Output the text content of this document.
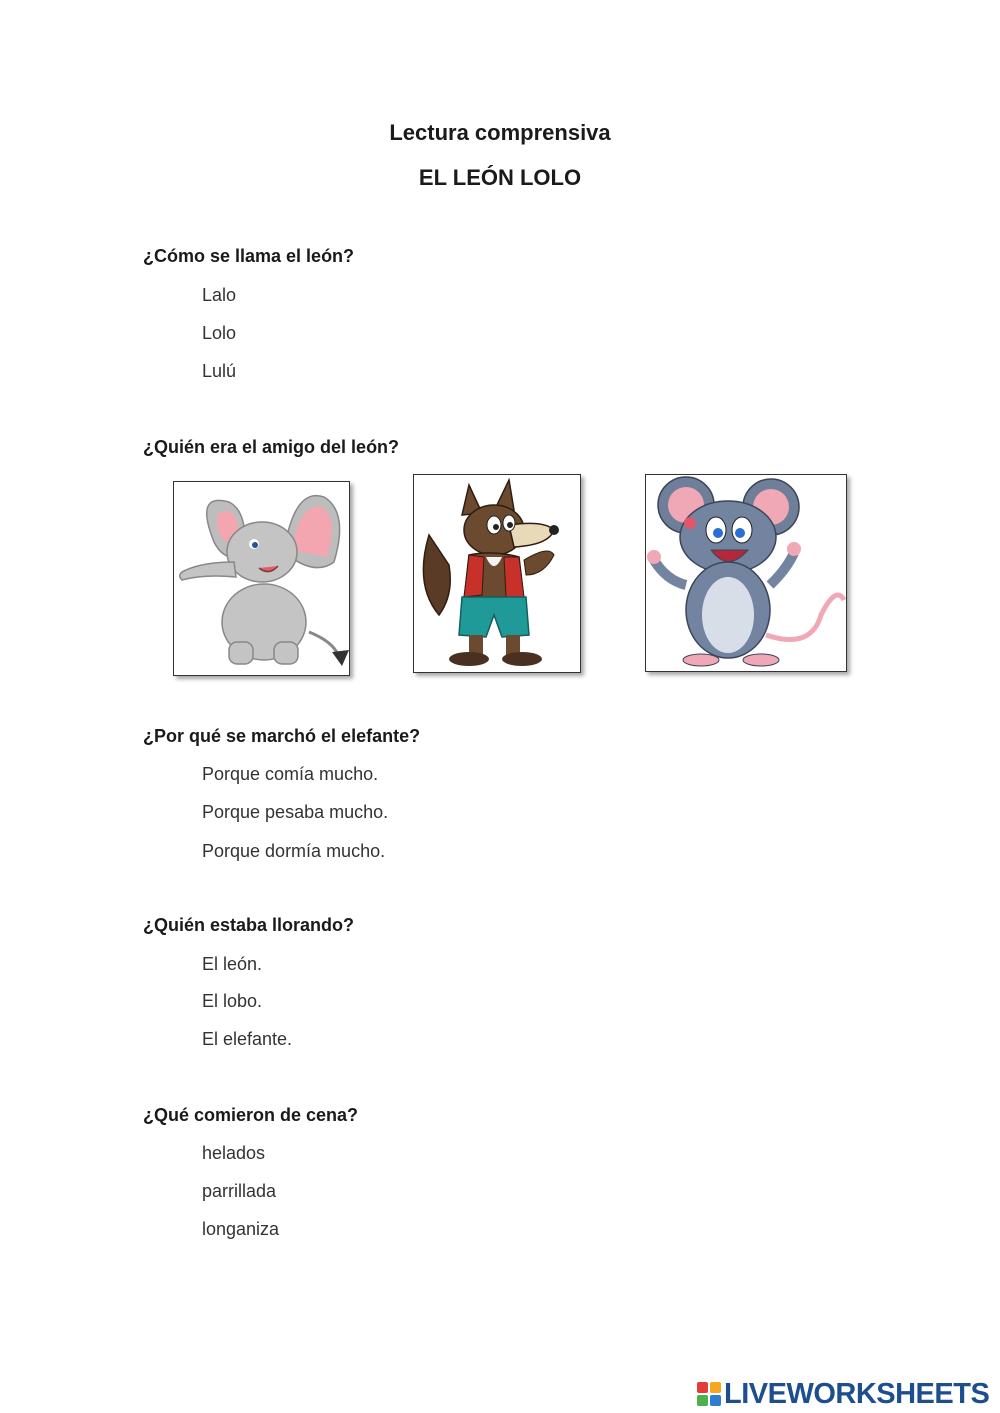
Lectura comprensiva
EL LEÓN LOLO
¿Cómo se llama el león?
Lalo
Lolo
Lulú
¿Quién era el amigo del león?
¿Por qué se marchó el elefante?
Porque comía mucho.
Porque pesaba mucho.
Porque dormía mucho.
¿Quién estaba llorando?
El león.
El lobo.
El elefante.
¿Qué comieron de cena?
helados
parrillada
longaniza
LIVEWORKSHEETS
